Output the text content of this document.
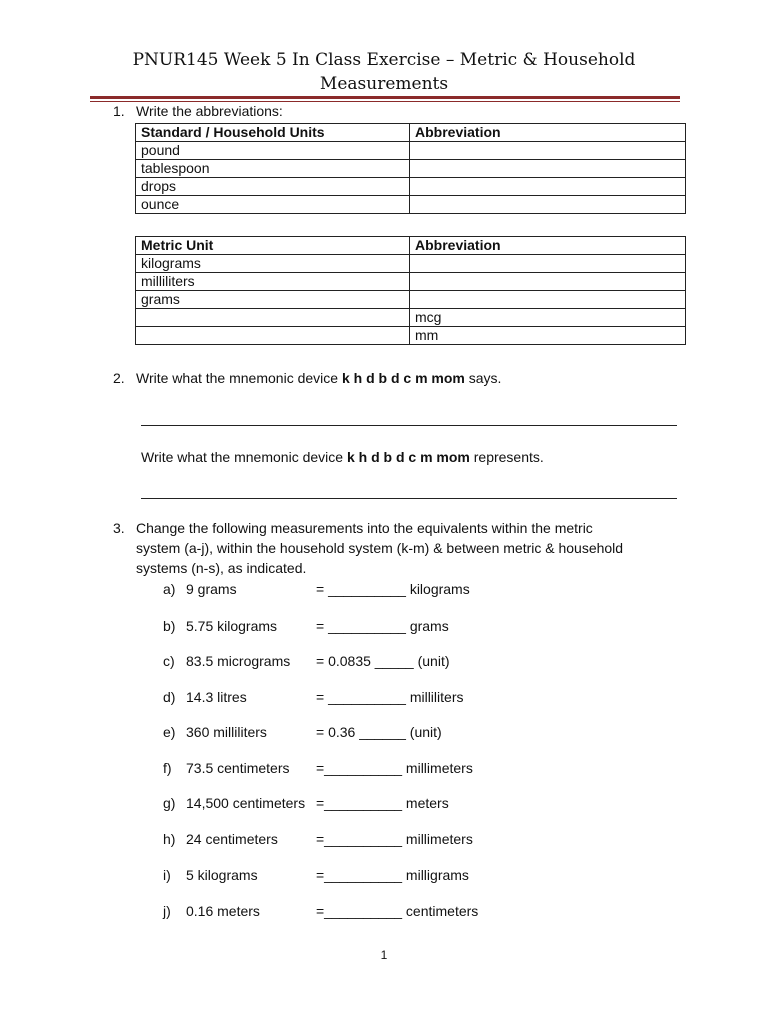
PNUR145 Week 5 In Class Exercise – Metric & Household
Measurements
1. Write the abbreviations:
Standard / Household Units	Abbreviation
pound	
tablespoon	
drops	
ounce	
Metric Unit	Abbreviation
kilograms	
milliliters	
grams	
	mcg
	mm
2. Write what the mnemonic device k h d b d c m mom says.
Write what the mnemonic device k h d b d c m mom represents.
3. Change the following measurements into the equivalents within the metric
system (a-j), within the household system (k-m) & between metric & household
systems (n-s), as indicated.
a) 9 grams	= __________ kilograms
b) 5.75 kilograms	= __________ grams
c) 83.5 micrograms = 0.0835 _____ (unit)
d) 14.3 litres	= __________ milliliters
e) 360 milliliters	= 0.36 ______ (unit)
f) 73.5 centimeters =__________ millimeters
g) 14,500 centimeters =__________ meters
h) 24 centimeters	=__________ millimeters
i) 5 kilograms	=__________ milligrams
j) 0.16 meters	=__________ centimeters
1
